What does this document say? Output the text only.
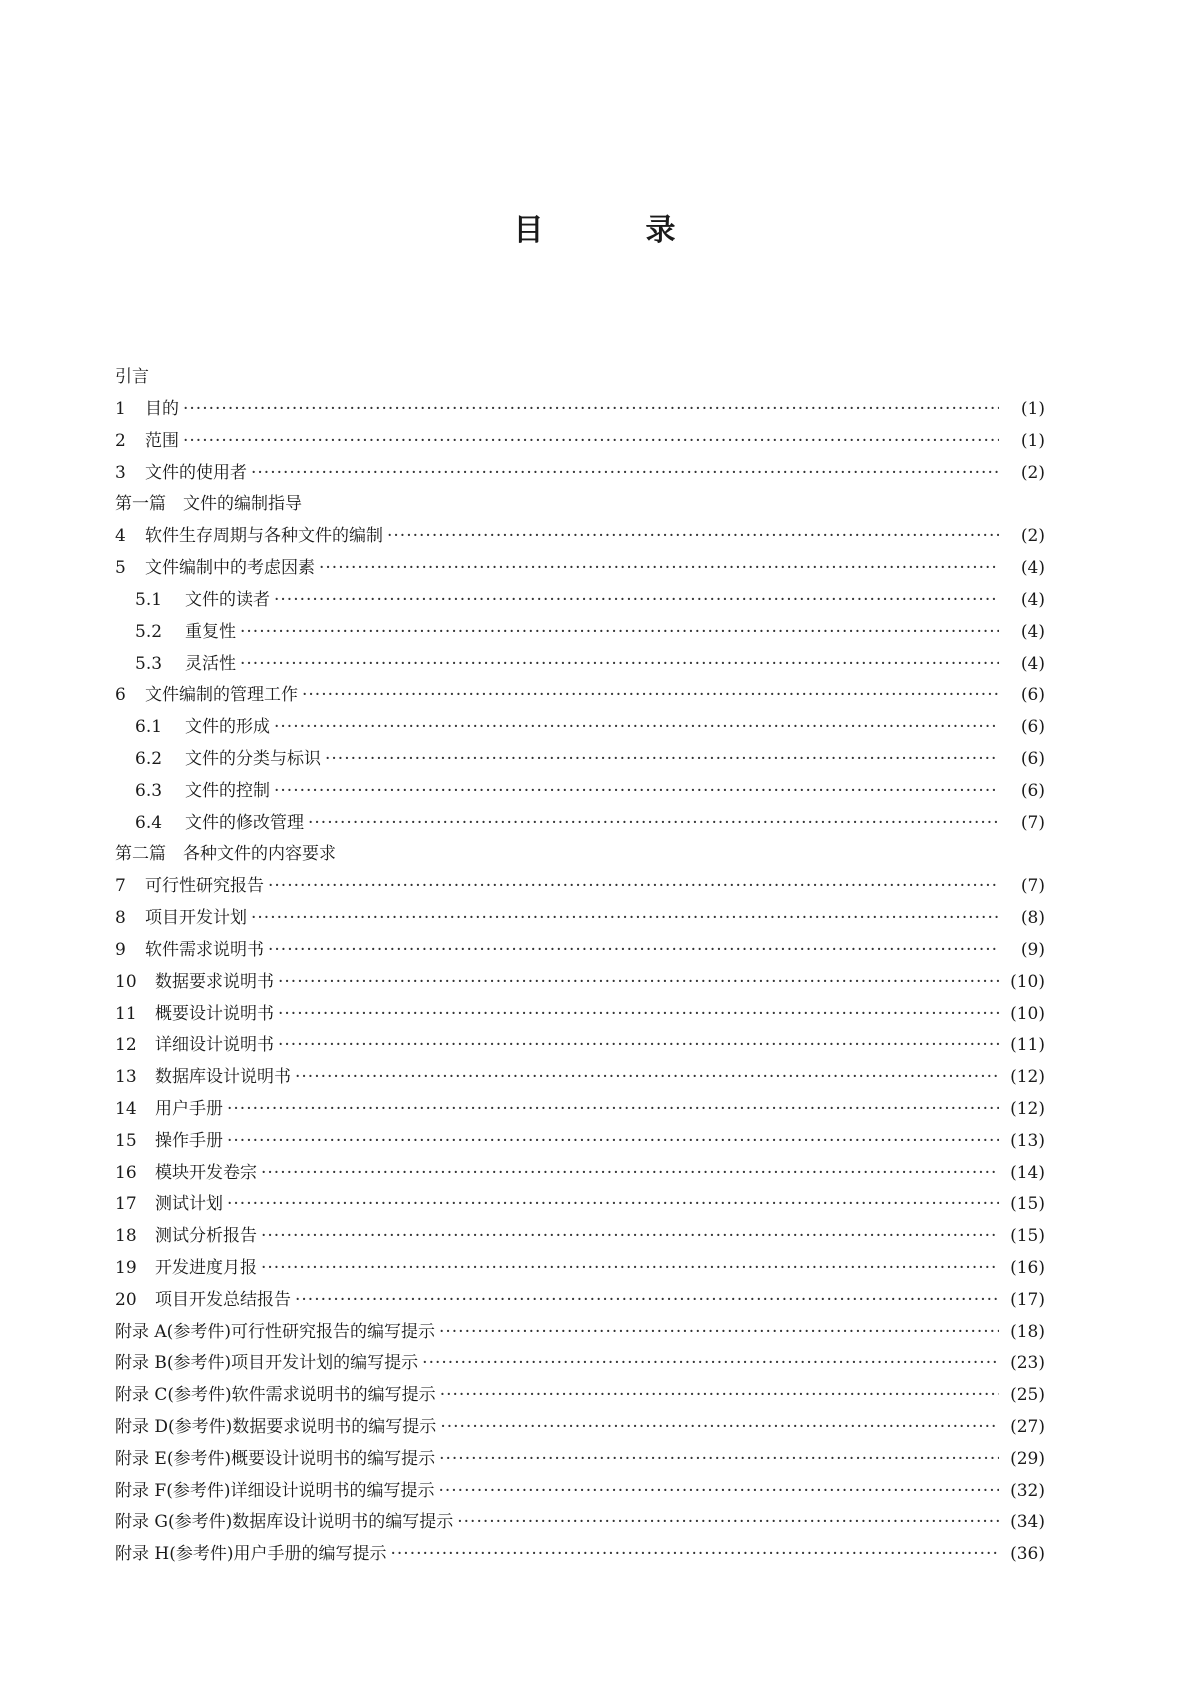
目	录
引言
1	目的 ·····	(1)
2	范围 ·····	(1)
3	文件的使用者 ·····	(2)
第一篇　文件的编制指导
4	软件生存周期与各种文件的编制 ·····	(2)
5	文件编制中的考虑因素 ·····	(4)
5.1	文件的读者 ·····	(4)
5.2	重复性 ·····	(4)
5.3	灵活性 ·····	(4)
6	文件编制的管理工作 ·····	(6)
6.1	文件的形成 ·····	(6)
6.2	文件的分类与标识 ·····	(6)
6.3	文件的控制 ·····	(6)
6.4	文件的修改管理 ·····	(7)
第二篇　各种文件的内容要求
7	可行性研究报告 ·····	(7)
8	项目开发计划 ·····	(8)
9	软件需求说明书 ·····	(9)
10	数据要求说明书 ·····	(10)
11	概要设计说明书 ·····	(10)
12	详细设计说明书 ·····	(11)
13	数据库设计说明书 ·····	(12)
14	用户手册 ·····	(12)
15	操作手册 ·····	(13)
16	模块开发卷宗 ·····	(14)
17	测试计划 ·····	(15)
18	测试分析报告 ·····	(15)
19	开发进度月报 ·····	(16)
20	项目开发总结报告 ·····	(17)
附录 A(参考件)可行性研究报告的编写提示 ·····	(18)
附录 B(参考件)项目开发计划的编写提示 ·····	(23)
附录 C(参考件)软件需求说明书的编写提示 ·····	(25)
附录 D(参考件)数据要求说明书的编写提示 ·····	(27)
附录 E(参考件)概要设计说明书的编写提示 ·····	(29)
附录 F(参考件)详细设计说明书的编写提示 ·····	(32)
附录 G(参考件)数据库设计说明书的编写提示 ·····	(34)
附录 H(参考件)用户手册的编写提示 ·····	(36)
